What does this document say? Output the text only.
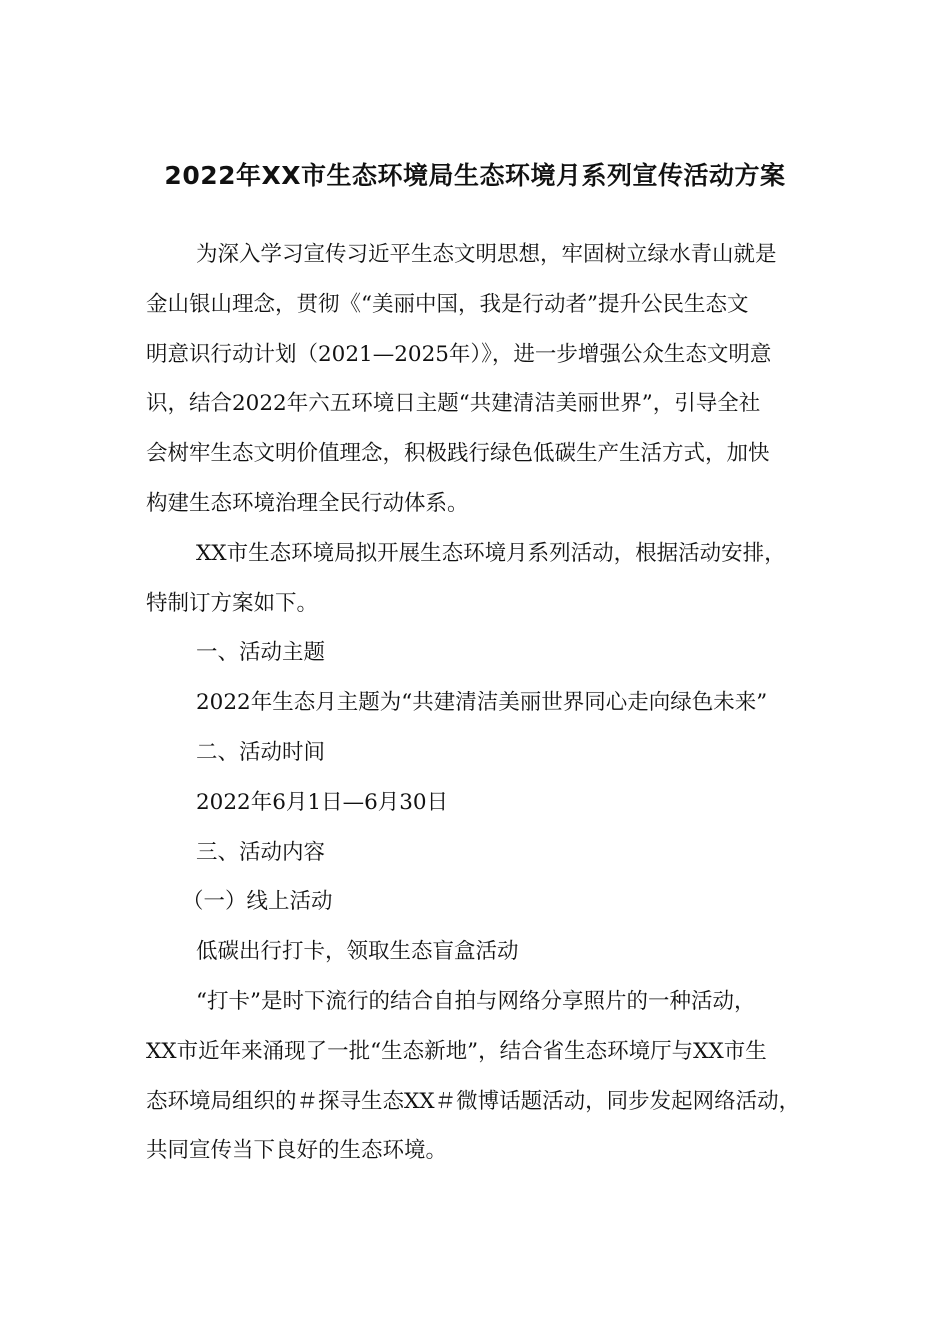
2022年XX市生态环境局生态环境月系列宣传活动方案
为深入学习宣传习近平生态文明思想，牢固树立绿水青山就是
金山银山理念，贯彻《“美丽中国，我是行动者”提升公民生态文
明意识行动计划（2021—2025年）》，进一步增强公众生态文明意
识，结合2022年六五环境日主题“共建清洁美丽世界”，引导全社
会树牢生态文明价值理念，积极践行绿色低碳生产生活方式，加快
构建生态环境治理全民行动体系。
XX市生态环境局拟开展生态环境月系列活动，根据活动安排，
特制订方案如下。
一、活动主题
2022年生态月主题为“共建清洁美丽世界同心走向绿色未来”
二、活动时间
2022年6月1日—6月30日
三、活动内容
（一）线上活动
低碳出行打卡，领取生态盲盒活动
“打卡”是时下流行的结合自拍与网络分享照片的一种活动，
XX市近年来涌现了一批“生态新地”，结合省生态环境厅与XX市生
态环境局组织的＃探寻生态XX＃微博话题活动，同步发起网络活动，
共同宣传当下良好的生态环境。
